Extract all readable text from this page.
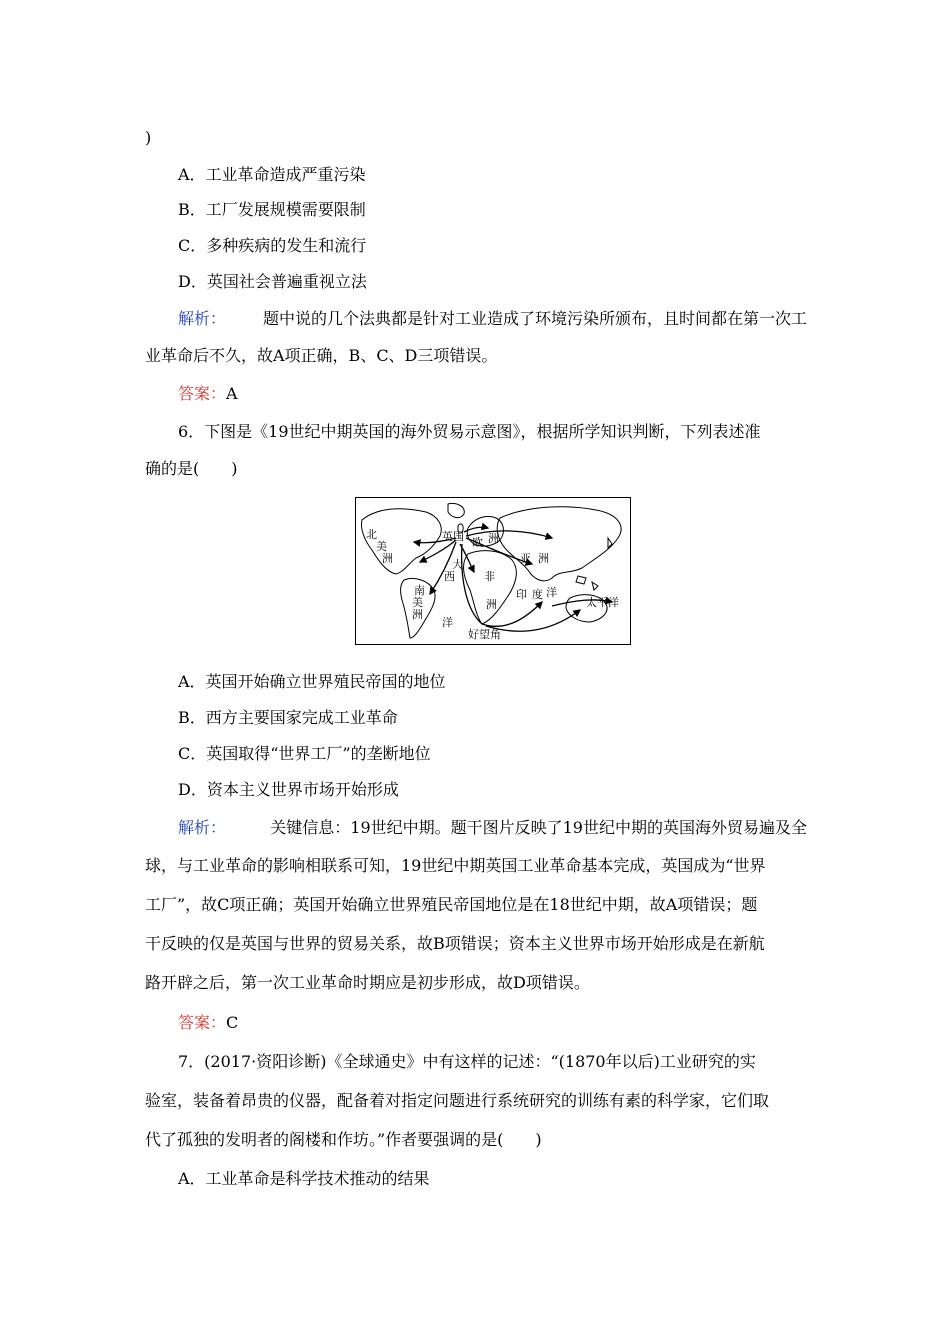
)
A．工业革命造成严重污染
B．工厂发展规模需要限制
C．多种疾病的发生和流行
D．英国社会普遍重视立法
解析： 题中说的几个法典都是针对工业造成了环境污染所颁布，且时间都在第一次工
业革命后不久，故A项正确，B、C、D三项错误。
答案：A
6．下图是《19世纪中期英国的海外贸易示意图》，根据所学知识判断，下列表述准
确的是(　　)
北
美
洲
英国 欧 洲
亚 洲
大
西	非
南
美
洲
洋
洲
印 度 洋
太平洋
好望角
A．英国开始确立世界殖民帝国的地位
B．西方主要国家完成工业革命
C．英国取得“世界工厂”的垄断地位
D．资本主义世界市场开始形成
解析：	关键信息：19世纪中期。题干图片反映了19世纪中期的英国海外贸易遍及全
球，与工业革命的影响相联系可知，19世纪中期英国工业革命基本完成，英国成为“世界
工厂”，故C项正确；英国开始确立世界殖民帝国地位是在18世纪中期，故A项错误；题
干反映的仅是英国与世界的贸易关系，故B项错误；资本主义世界市场开始形成是在新航
路开辟之后，第一次工业革命时期应是初步形成，故D项错误。
答案：C
7．(2017·资阳诊断)《全球通史》中有这样的记述：“(1870年以后)工业研究的实
验室，装备着昂贵的仪器，配备着对指定问题进行系统研究的训练有素的科学家，它们取
代了孤独的发明者的阁楼和作坊。”作者要强调的是(　　)
A．工业革命是科学技术推动的结果
